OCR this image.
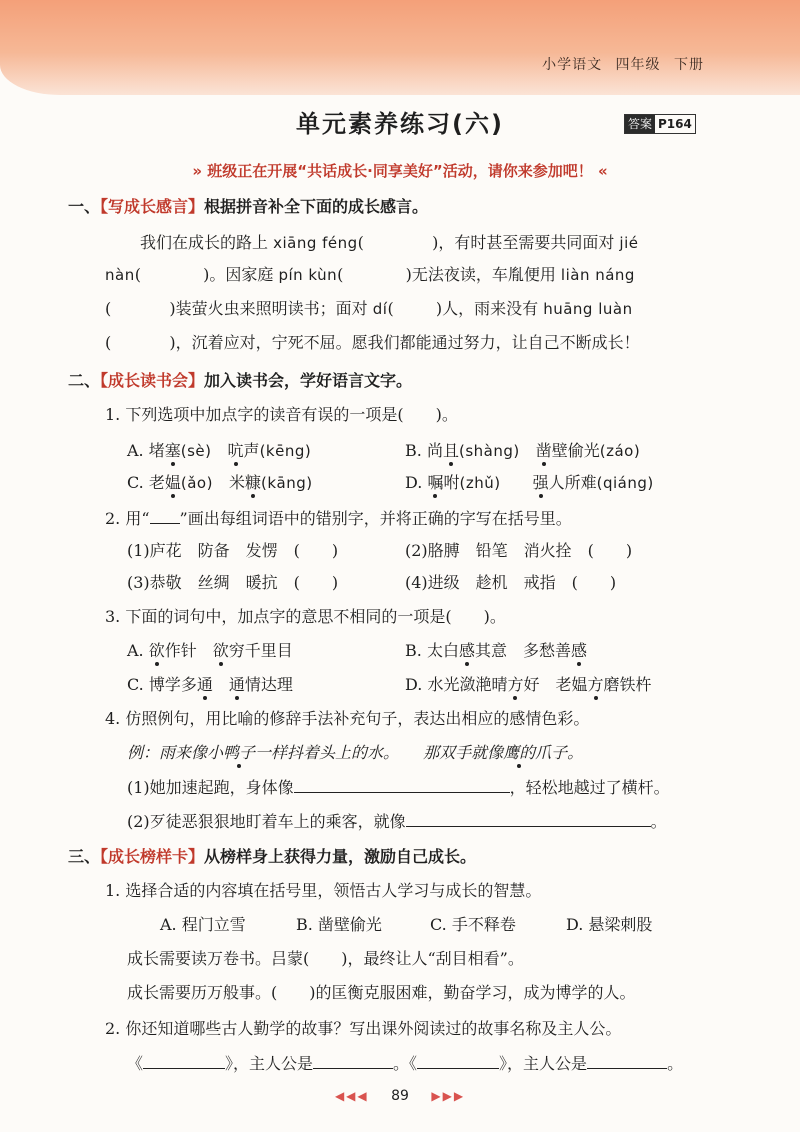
小学语文 四年级 下册
单元素养练习(六)	答案 P164
» 班级正在开展“共话成长·同享美好”活动，请你来参加吧！ «
一、【写成长感言】根据拼音补全下面的成长感言。
我们在成长的路上 xiāng féng(	)，有时甚至需要共同面对 jié
nàn(	)。因家庭 pín kùn(	)无法夜读，车胤便用 liàn náng
(	)装萤火虫来照明读书；面对 dí(  )人，雨来没有 huāng luàn
(	)，沉着应对，宁死不屈。愿我们都能通过努力，让自己不断成长！
二、【成长读书会】加入读书会，学好语言文字。
1. 下列选项中加点字的读音有误的一项是(　　)。
A. 堵塞(sè)　 吭声(kēng)	B. 尚且(shàng)　 凿壁偷光(záo)
C. 老媪(ǎo)　 米糠(kāng)	D. 嘱咐(zhǔ)　　 强人所难(qiáng)
2. 用“ ”画出每组词语中的错别字，并将正确的字写在括号里。
(1)庐花　防备　发愣　(　　)	(2)胳膊　铅笔　消火拴　(　　)
(3)恭敬　丝绸　暖抗　(　　)	(4)进级　趁机　戒指　(　　)
3. 下面的词句中，加点字的意思不相同的一项是(　　)。
A. 欲作针　 欲穷千里目	B. 太白感其意　 多愁善感
C. 博学多通　 通情达理	D. 水光潋滟晴方好　 老媪方磨铁杵
4. 仿照例句，用比喻的修辞手法补充句子，表达出相应的感情色彩。
例：雨来像小鸭子一样抖着头上的水。　　 那双手就像鹰的爪子。
(1)她加速起跑，身体像	，轻松地越过了横杆。
(2)歹徒恶狠狠地盯着车上的乘客，就像	。
三、【成长榜样卡】从榜样身上获得力量，激励自己成长。
1. 选择合适的内容填在括号里，领悟古人学习与成长的智慧。
A. 程门立雪	B. 凿壁偷光	C. 手不释卷	D. 悬梁刺股
成长需要读万卷书。吕蒙(　　)，最终让人“刮目相看”。
成长需要历万般事。(　　)的匡衡克服困难，勤奋学习，成为博学的人。
2. 你还知道哪些古人勤学的故事？写出课外阅读过的故事名称及主人公。
《	》，主人公是	。《	》，主人公是	。
◀◀◀ 89 ▶▶▶
